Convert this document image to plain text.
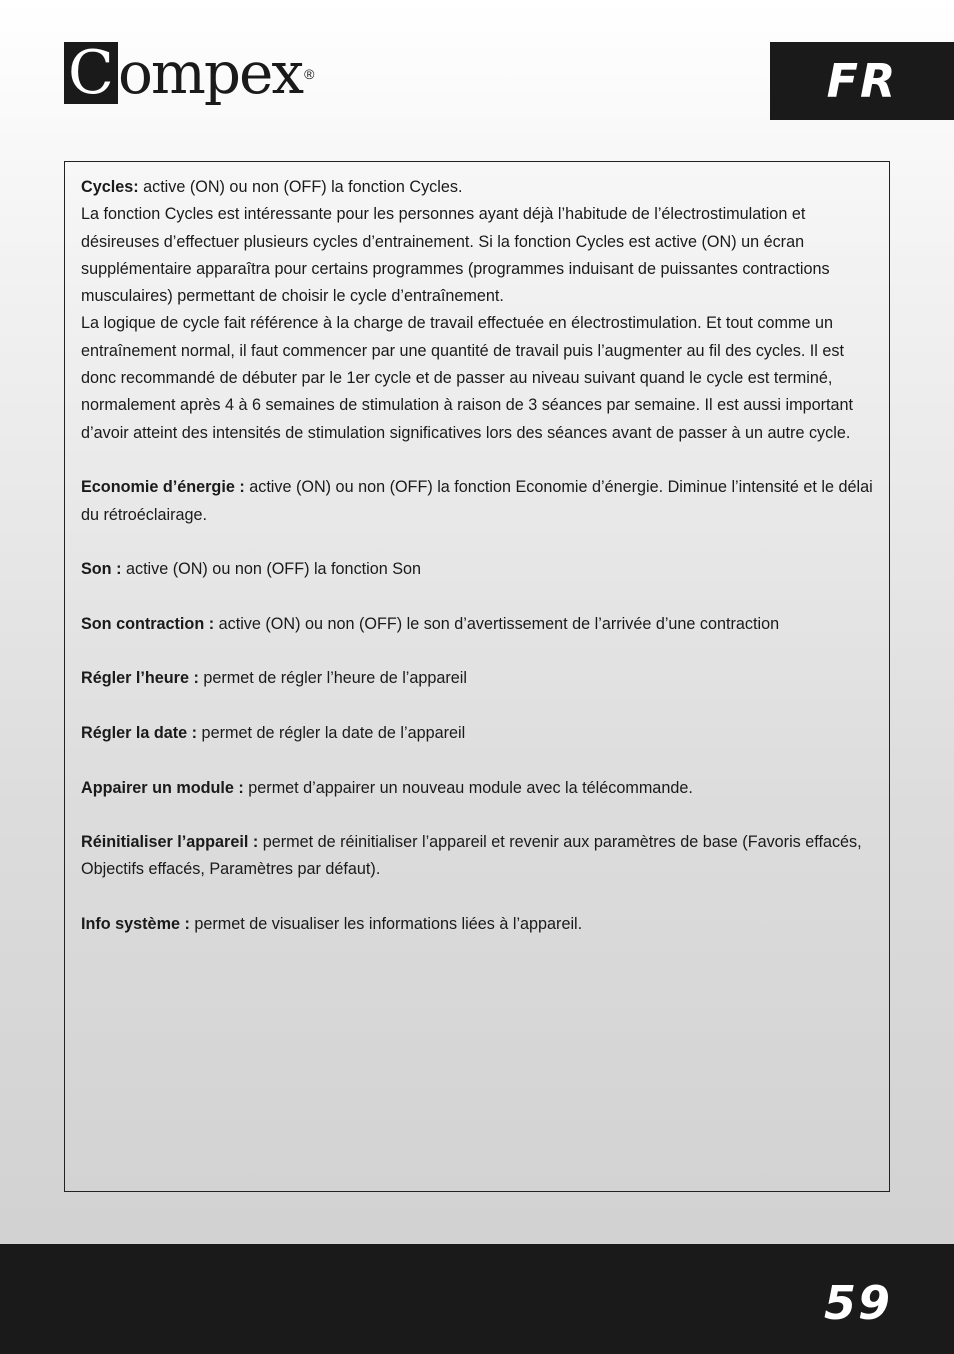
C ompex ®	FR

Cycles: active (ON) ou non (OFF) la fonction Cycles.

La fonction Cycles est intéressante pour les personnes ayant déjà l’habitude de l’électrostimulation et désireuses d’effectuer plusieurs cycles d’entrainement. Si la fonction Cycles est active (ON) un écran supplémentaire apparaîtra pour certains programmes (programmes induisant de puissantes contractions musculaires) permettant de choisir le cycle d’entraînement.

La logique de cycle fait référence à la charge de travail effectuée en électrostimulation. Et tout comme un entraînement normal, il faut commencer par une quantité de travail puis l’augmenter au fil des cycles. Il est donc recommandé de débuter par le 1er cycle et de passer au niveau suivant quand le cycle est terminé, normalement après 4 à 6 semaines de stimulation à raison de 3 séances par semaine. Il est aussi important d’avoir atteint des intensités de stimulation significatives lors des séances avant de passer à un autre cycle.

Economie d’énergie : active (ON) ou non (OFF) la fonction Economie d’énergie. Diminue l’intensité et le délai du rétroéclairage.

Son : active (ON) ou non (OFF) la fonction Son

Son contraction : active (ON) ou non (OFF) le son d’avertissement de l’arrivée d’une contraction

Régler l’heure : permet de régler l’heure de l’appareil

Régler la date : permet de régler la date de l’appareil

Appairer un module : permet d’appairer un nouveau module avec la télécommande.

Réinitialiser l’appareil : permet de réinitialiser l’appareil et revenir aux paramètres de base (Favoris effacés, Objectifs effacés, Paramètres par défaut).

Info système : permet de visualiser les informations liées à l’appareil.

59
